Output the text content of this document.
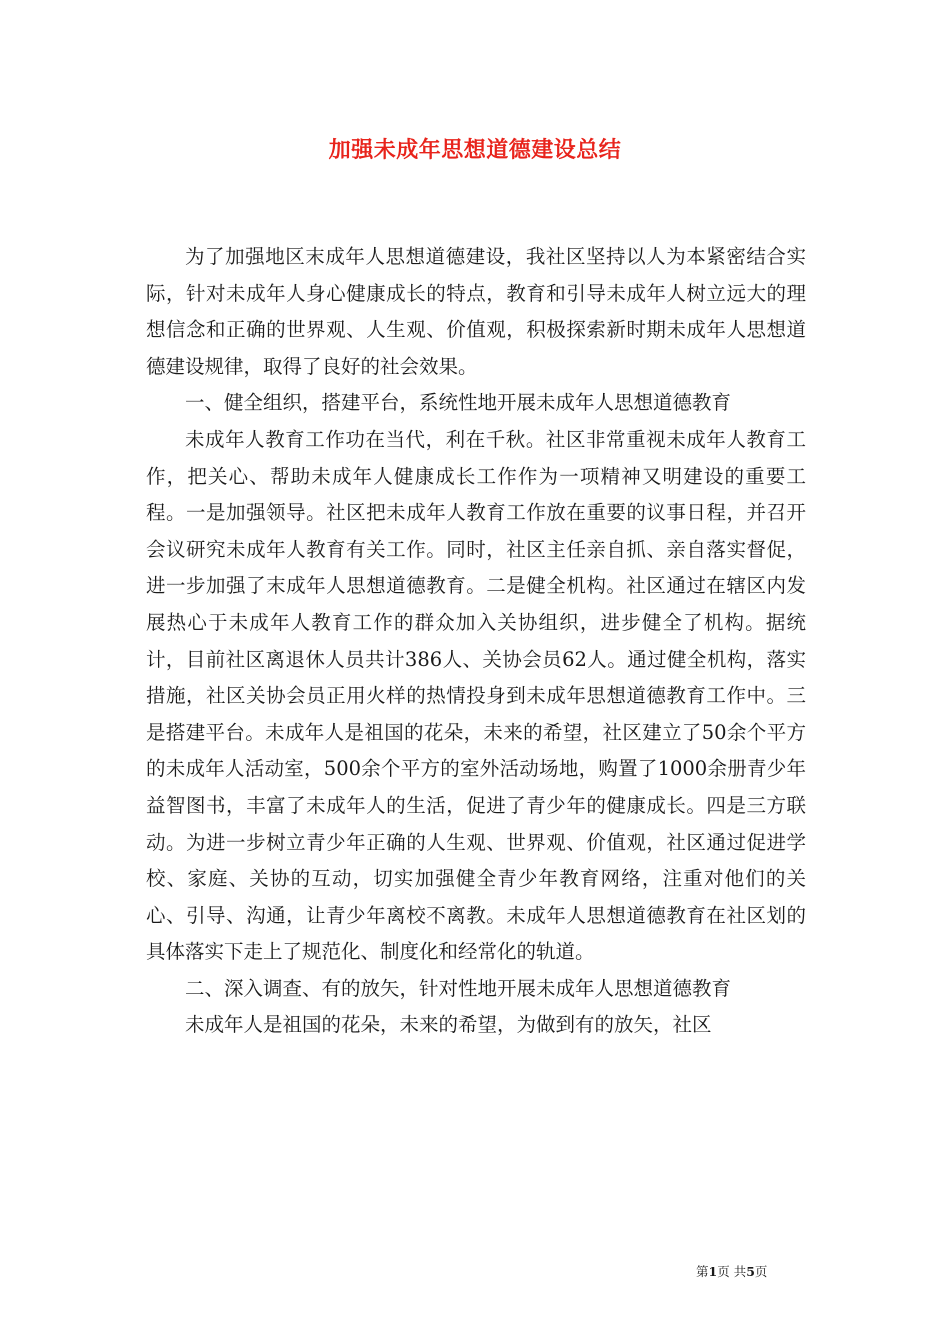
加强未成年思想道德建设总结

为了加强地区末成年人思想道德建设，我社区坚持以人为本紧密结合实际，针对未成年人身心健康成长的特点，教育和引导未成年人树立远大的理想信念和正确的世界观、人生观、价值观，积极探索新时期未成年人思想道德建设规律，取得了良好的社会效果。

一、健全组织，搭建平台，系统性地开展未成年人思想道德教育

未成年人教育工作功在当代，利在千秋。社区非常重视未成年人教育工作，把关心、帮助未成年人健康成长工作作为一项精神又明建设的重要工程。一是加强领导。社区把未成年人教育工作放在重要的议事日程，并召开会议研究未成年人教育有关工作。同时，社区主任亲自抓、亲自落实督促，进一步加强了末成年人思想道德教育。二是健全机构。社区通过在辖区内发展热心于未成年人教育工作的群众加入关协组织，进步健全了机构。据统计，目前社区离退休人员共计386人、关协会员62人。通过健全机构，落实措施，社区关协会员正用火样的热情投身到未成年思想道德教育工作中。三是搭建平台。未成年人是祖国的花朵，未来的希望，社区建立了50余个平方的未成年人活动室，500余个平方的室外活动场地，购置了1000余册青少年益智图书，丰富了未成年人的生活，促进了青少年的健康成长。四是三方联动。为进一步树立青少年正确的人生观、世界观、价值观，社区通过促进学校、家庭、关协的互动，切实加强健全青少年教育网络，注重对他们的关心、引导、沟通，让青少年离校不离教。未成年人思想道德教育在社区划的具体落实下走上了规范化、制度化和经常化的轨道。

二、深入调查、有的放矢，针对性地开展未成年人思想道德教育

未成年人是祖国的花朵，未来的希望，为做到有的放矢，社区

第1页 共5页
